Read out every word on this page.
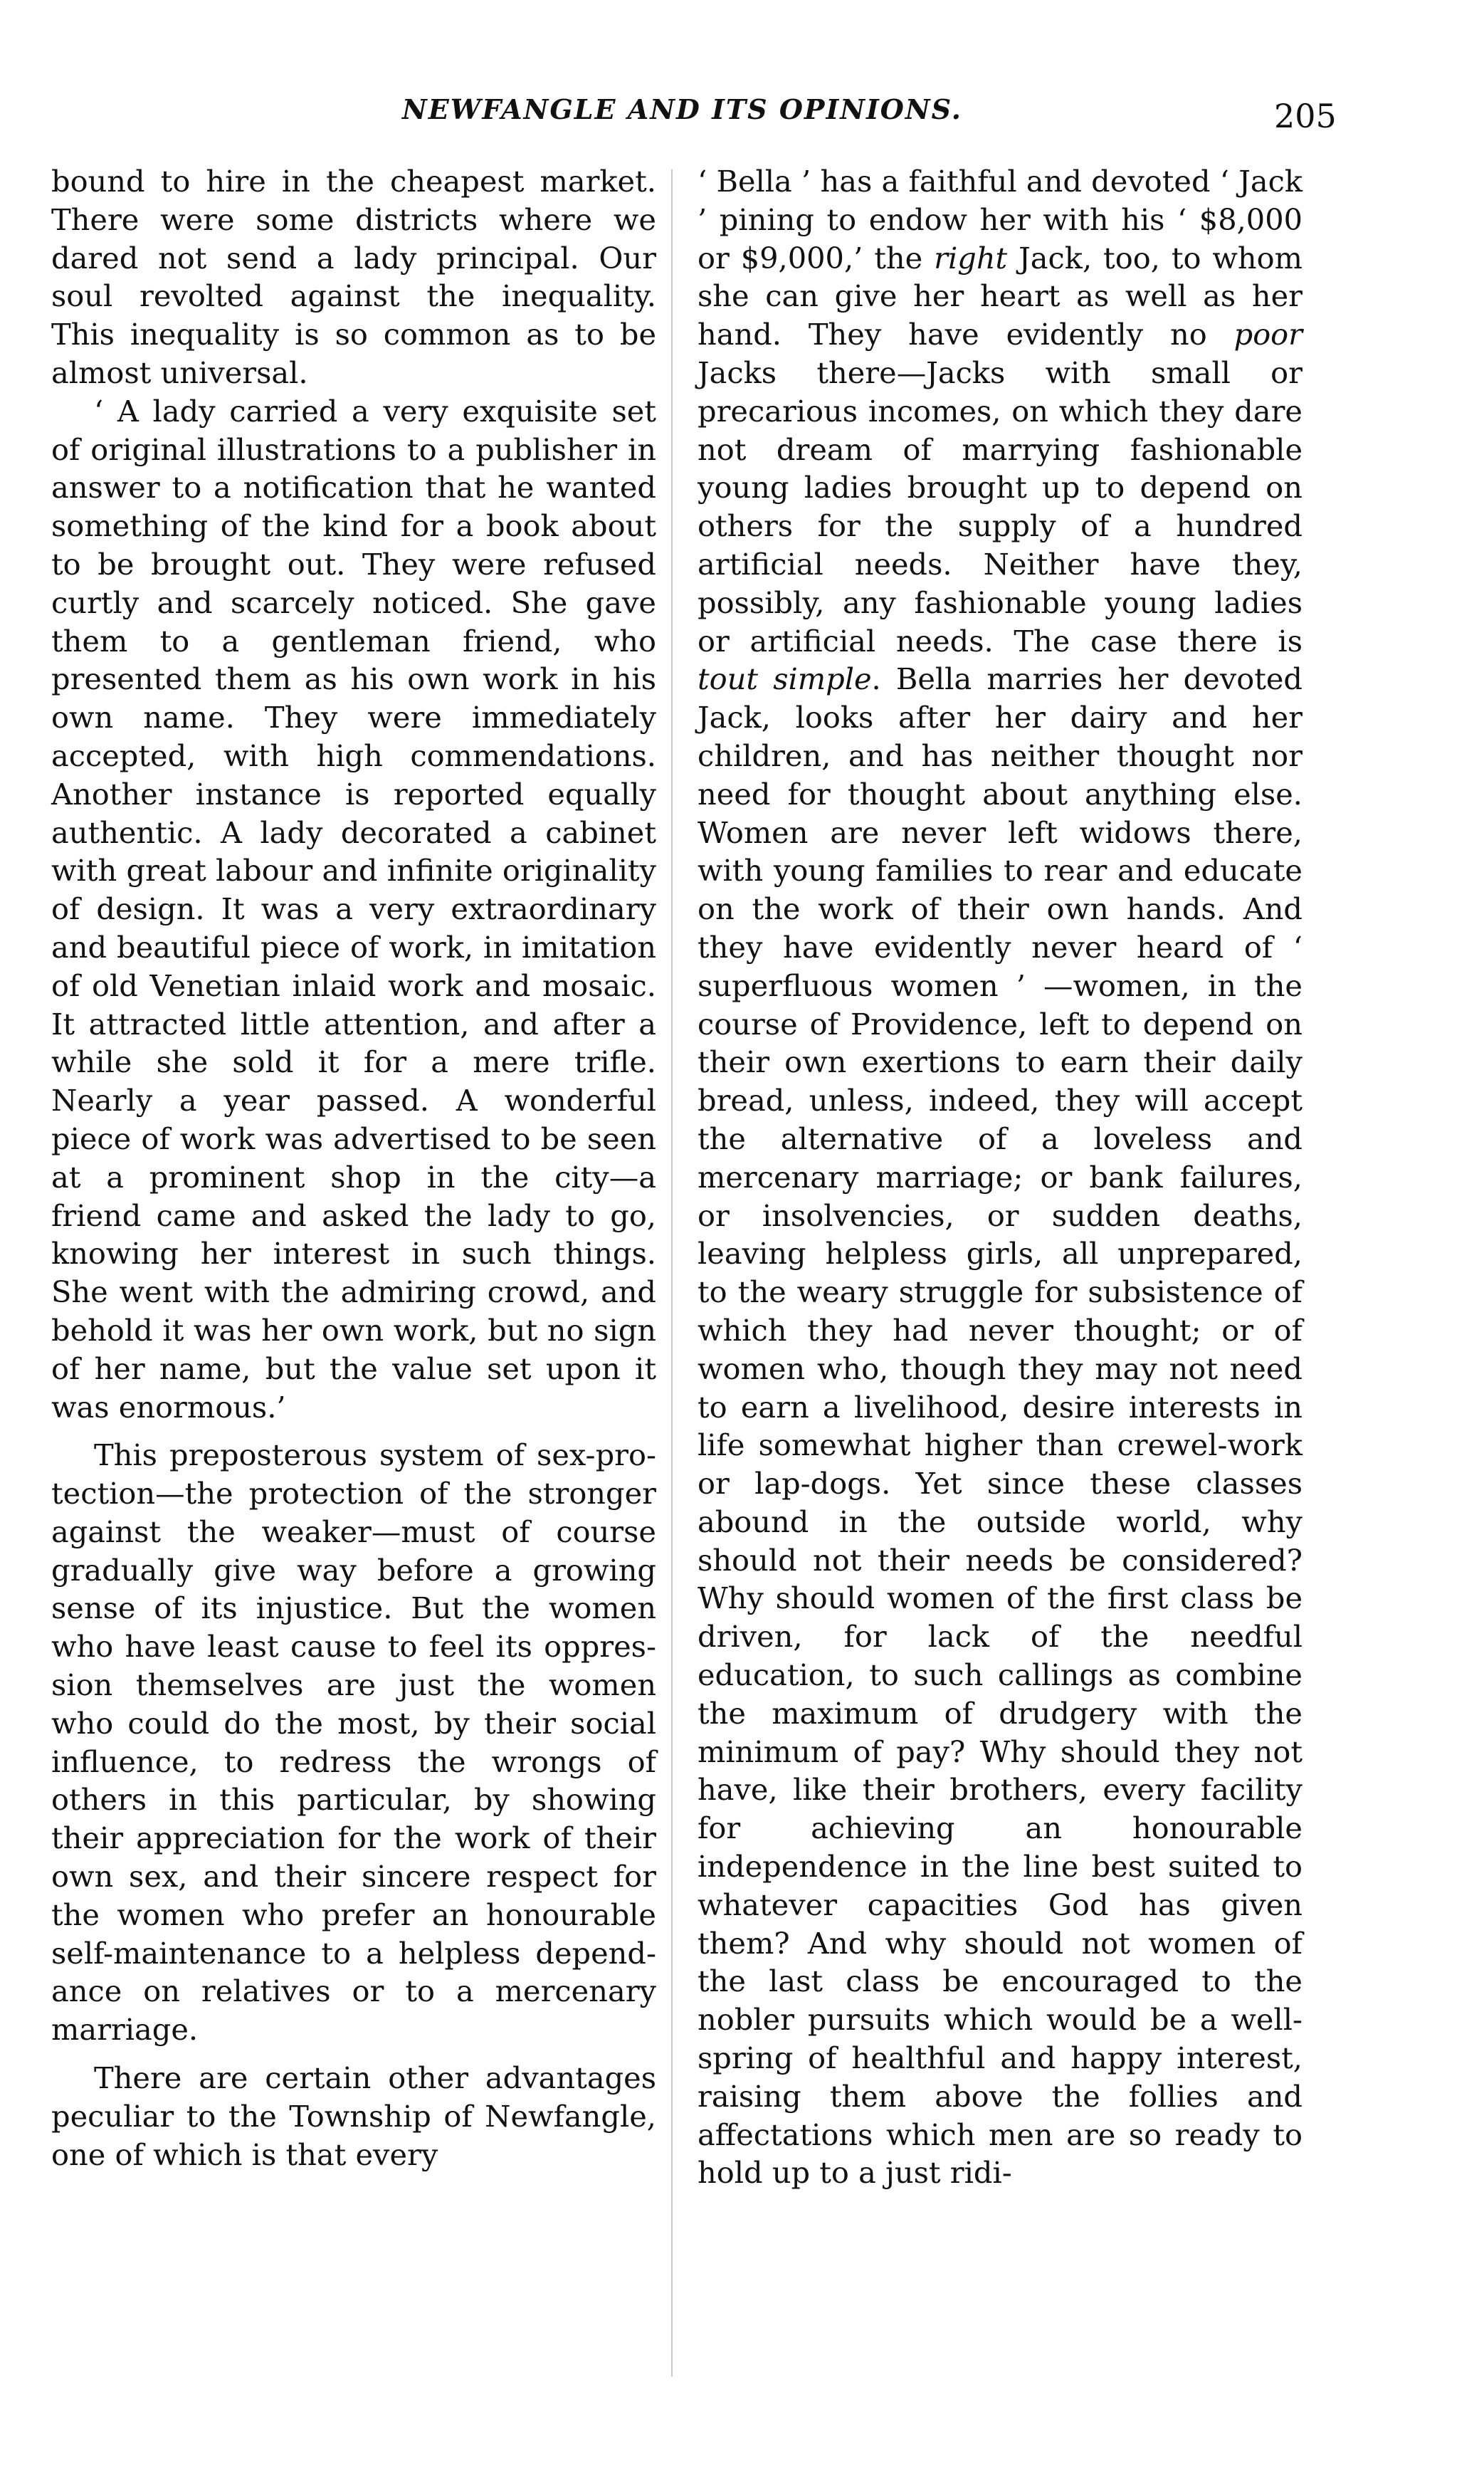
NEWFANGLE AND ITS OPINIONS.	205

bound to hire in the cheapest market. There were some districts where we dared not send a lady principal. Our soul revolted against the inequality. This inequality is so common as to be almost universal.

‘ A lady carried a very exquisite set of original illustrations to a publisher in answer to a notification that he wanted something of the kind for a book about to be brought out. They were refused curtly and scarcely noticed. She gave them to a gentleman friend, who presented them as his own work in his own name. They were immediately accepted, with high commendations. Another instance is reported equally authentic. A lady decorated a cabinet with great labour and infinite originality of design. It was a very extraordinary and beautiful piece of work, in imitation of old Venetian inlaid work and mosaic. It attracted little attention, and after a while she sold it for a mere trifle. Nearly a year passed. A wonderful piece of work was advertised to be seen at a prominent shop in the city—a friend came and asked the lady to go, knowing her interest in such things. She went with the admiring crowd, and behold it was her own work, but no sign of her name, but the value set upon it was enormous.’

This preposterous system of sex-protection—the protection of the stronger against the weaker—must of course gradually give way before a growing sense of its injustice. But the women who have least cause to feel its oppression themselves are just the women who could do the most, by their social influence, to redress the wrongs of others in this particular, by showing their appreciation for the work of their own sex, and their sincere respect for the women who prefer an honourable self-maintenance to a helpless dependance on relatives or to a mercenary marriage.

There are certain other advantages peculiar to the Township of Newfangle, one of which is that every

‘ Bella ’ has a faithful and devoted ‘ Jack ’ pining to endow her with his ‘ $8,000 or $9,000,’ the right Jack, too, to whom she can give her heart as well as her hand. They have evidently no poor Jacks there—Jacks with small or precarious incomes, on which they dare not dream of marrying fashionable young ladies brought up to depend on others for the supply of a hundred artificial needs. Neither have they, possibly, any fashionable young ladies or artificial needs. The case there is tout simple. Bella marries her devoted Jack, looks after her dairy and her children, and has neither thought nor need for thought about anything else. Women are never left widows there, with young families to rear and educate on the work of their own hands. And they have evidently never heard of ‘ superfluous women ’ —women, in the course of Providence, left to depend on their own exertions to earn their daily bread, unless, indeed, they will accept the alternative of a loveless and mercenary marriage; or bank failures, or insolvencies, or sudden deaths, leaving helpless girls, all unprepared, to the weary struggle for subsistence of which they had never thought; or of women who, though they may not need to earn a livelihood, desire interests in life somewhat higher than crewel-work or lap-dogs. Yet since these classes abound in the outside world, why should not their needs be considered? Why should women of the first class be driven, for lack of the needful education, to such callings as combine the maximum of drudgery with the minimum of pay? Why should they not have, like their brothers, every facility for achieving an honourable independence in the line best suited to whatever capacities God has given them? And why should not women of the last class be encouraged to the nobler pursuits which would be a well-spring of healthful and happy interest, raising them above the follies and affectations which men are so ready to hold up to a just ridi-
